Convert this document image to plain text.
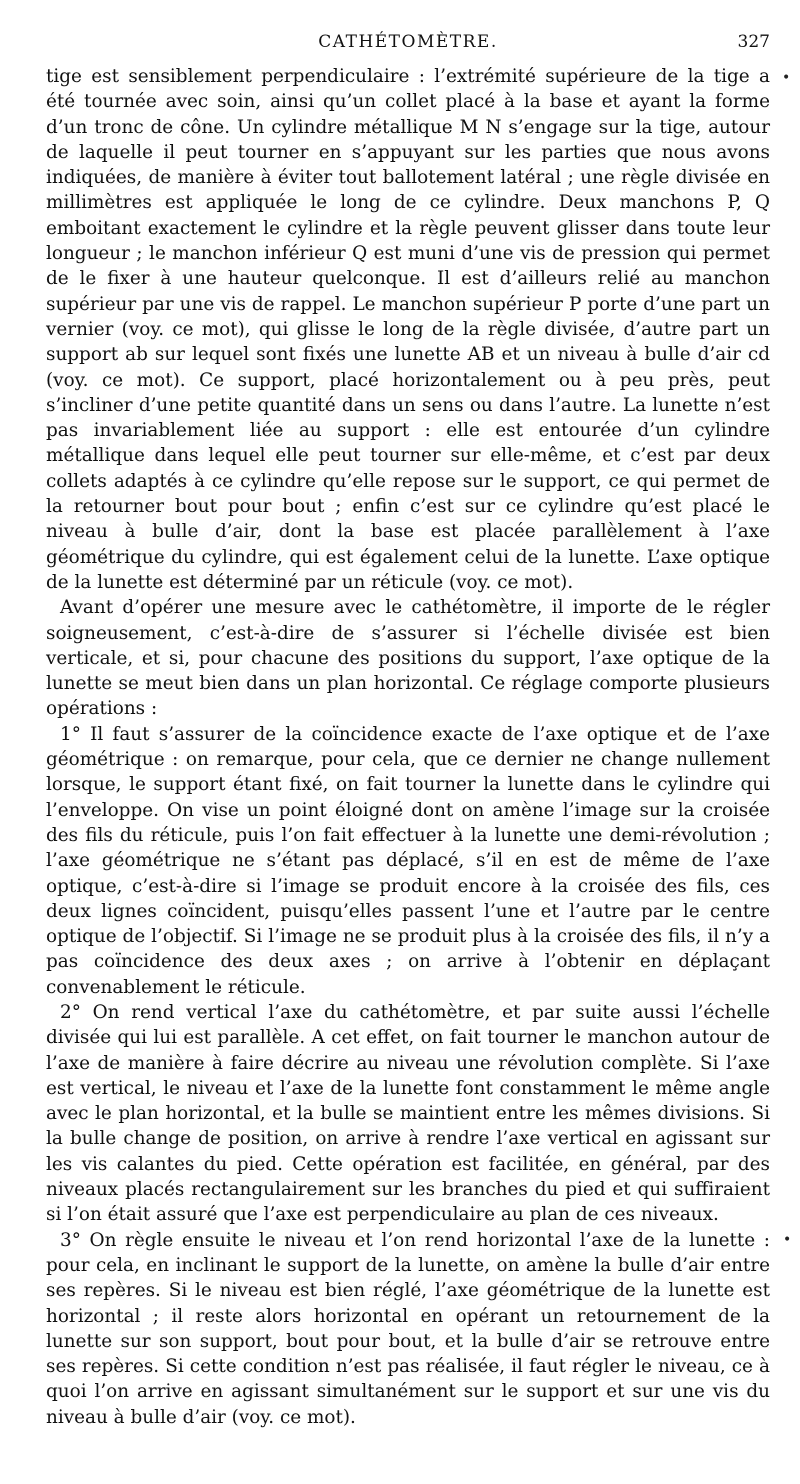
CATHÉTOMÈTRE.	327
•
•

tige est sensiblement perpendiculaire : l’extrémité supérieure de la tige a été tournée avec soin, ainsi qu’un collet placé à la base et ayant la forme d’un tronc de cône. Un cylindre métallique M N s’engage sur la tige, autour de laquelle il peut tourner en s’appuyant sur les parties que nous avons indiquées, de manière à éviter tout ballotement latéral ; une règle divisée en millimètres est appliquée le long de ce cylindre. Deux manchons P, Q emboitant exactement le cylindre et la règle peuvent glisser dans toute leur longueur ; le manchon inférieur Q est muni d’une vis de pression qui permet de le fixer à une hauteur quelconque. Il est d’ailleurs relié au manchon supérieur par une vis de rappel. Le manchon supérieur P porte d’une part un vernier (voy. ce mot), qui glisse le long de la règle divisée, d’autre part un support ab sur lequel sont fixés une lunette AB et un niveau à bulle d’air cd (voy. ce mot). Ce support, placé horizontalement ou à peu près, peut s’incliner d’une petite quantité dans un sens ou dans l’autre. La lunette n’est pas invariablement liée au support : elle est entourée d’un cylindre métallique dans lequel elle peut tourner sur elle-même, et c’est par deux collets adaptés à ce cylindre qu’elle repose sur le support, ce qui permet de la retourner bout pour bout ; enfin c’est sur ce cylindre qu’est placé le niveau à bulle d’air, dont la base est placée parallèlement à l’axe géométrique du cylindre, qui est également celui de la lunette. L’axe optique de la lunette est déterminé par un réticule (voy. ce mot).

Avant d’opérer une mesure avec le cathétomètre, il importe de le régler soigneusement, c’est-à-dire de s’assurer si l’échelle divisée est bien verticale, et si, pour chacune des positions du support, l’axe optique de la lunette se meut bien dans un plan horizontal. Ce réglage comporte plusieurs opérations :

1° Il faut s’assurer de la coïncidence exacte de l’axe optique et de l’axe géométrique : on remarque, pour cela, que ce dernier ne change nullement lorsque, le support étant fixé, on fait tourner la lunette dans le cylindre qui l’enveloppe. On vise un point éloigné dont on amène l’image sur la croisée des fils du réticule, puis l’on fait effectuer à la lunette une demi-révolution ; l’axe géométrique ne s’étant pas déplacé, s’il en est de même de l’axe optique, c’est-à-dire si l’image se produit encore à la croisée des fils, ces deux lignes coïncident, puisqu’elles passent l’une et l’autre par le centre optique de l’objectif. Si l’image ne se produit plus à la croisée des fils, il n’y a pas coïncidence des deux axes ; on arrive à l’obtenir en déplaçant convenablement le réticule.

2° On rend vertical l’axe du cathétomètre, et par suite aussi l’échelle divisée qui lui est parallèle. A cet effet, on fait tourner le manchon autour de l’axe de manière à faire décrire au niveau une révolution complète. Si l’axe est vertical, le niveau et l’axe de la lunette font constamment le même angle avec le plan horizontal, et la bulle se maintient entre les mêmes divisions. Si la bulle change de position, on arrive à rendre l’axe vertical en agissant sur les vis calantes du pied. Cette opération est facilitée, en général, par des niveaux placés rectangulairement sur les branches du pied et qui suffiraient si l’on était assuré que l’axe est perpendiculaire au plan de ces niveaux.

3° On règle ensuite le niveau et l’on rend horizontal l’axe de la lunette : pour cela, en inclinant le support de la lunette, on amène la bulle d’air entre ses repères. Si le niveau est bien réglé, l’axe géométrique de la lunette est horizontal ; il reste alors horizontal en opérant un retournement de la lunette sur son support, bout pour bout, et la bulle d’air se retrouve entre ses repères. Si cette condition n’est pas réalisée, il faut régler le niveau, ce à quoi l’on arrive en agissant simultanément sur le support et sur une vis du niveau à bulle d’air (voy. ce mot).
